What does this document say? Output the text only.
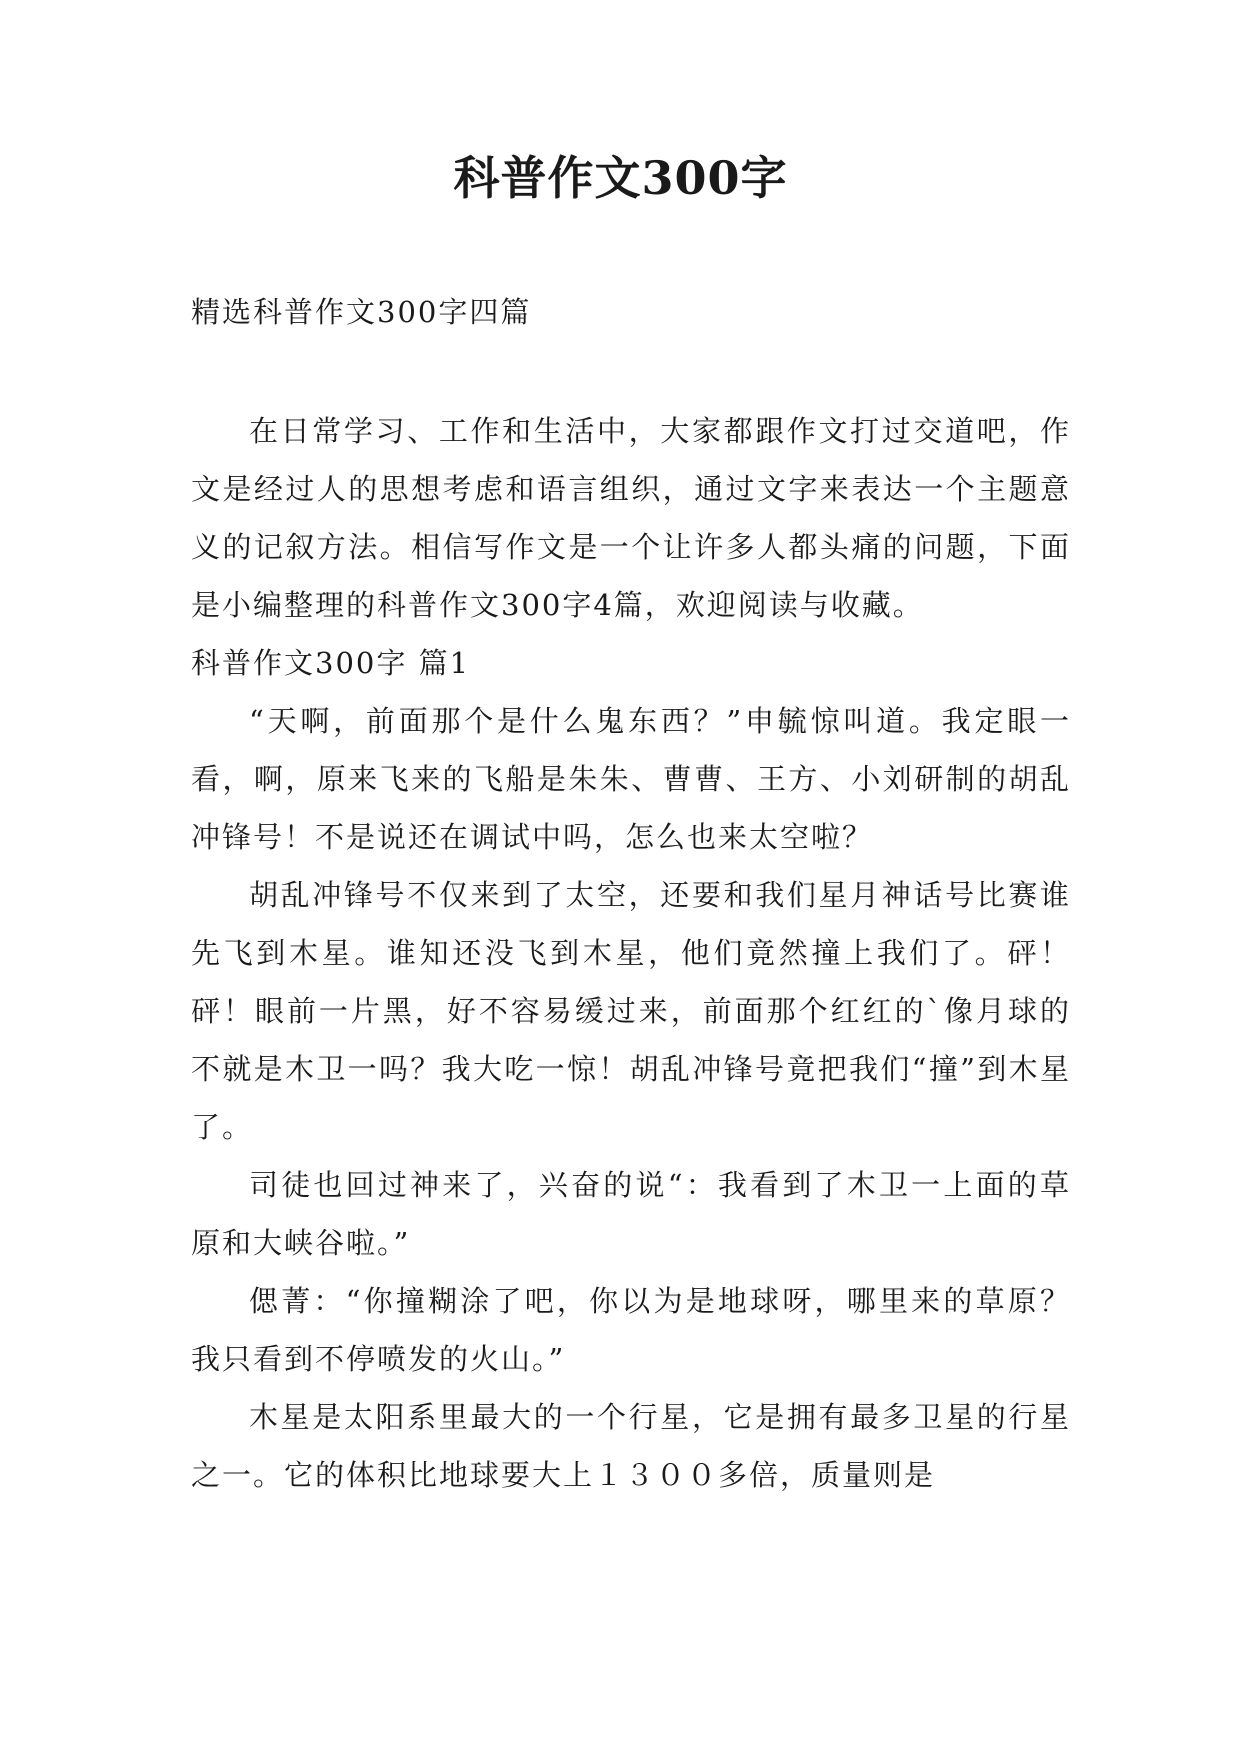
科普作文300字

精选科普作文300字四篇

在日常学习、工作和生活中，大家都跟作文打过交道吧，作文是经过人的思想考虑和语言组织，通过文字来表达一个主题意义的记叙方法。相信写作文是一个让许多人都头痛的问题，下面是小编整理的科普作文300字4篇，欢迎阅读与收藏。

科普作文300字 篇1

“天啊，前面那个是什么鬼东西？”申毓惊叫道。我定眼一看，啊，原来飞来的飞船是朱朱、曹曹、王方、小刘研制的胡乱冲锋号！不是说还在调试中吗，怎么也来太空啦？

胡乱冲锋号不仅来到了太空，还要和我们星月神话号比赛谁先飞到木星。谁知还没飞到木星，他们竟然撞上我们了。砰！砰！眼前一片黑，好不容易缓过来，前面那个红红的`像月球的不就是木卫一吗？我大吃一惊！胡乱冲锋号竟把我们“撞”到木星了。

司徒也回过神来了，兴奋的说“：我看到了木卫一上面的草原和大峡谷啦。”

偲菁：“你撞糊涂了吧，你以为是地球呀，哪里来的草原？我只看到不停喷发的火山。”

木星是太阳系里最大的一个行星，它是拥有最多卫星的行星之一。它的体积比地球要大上１３００多倍，质量则是
